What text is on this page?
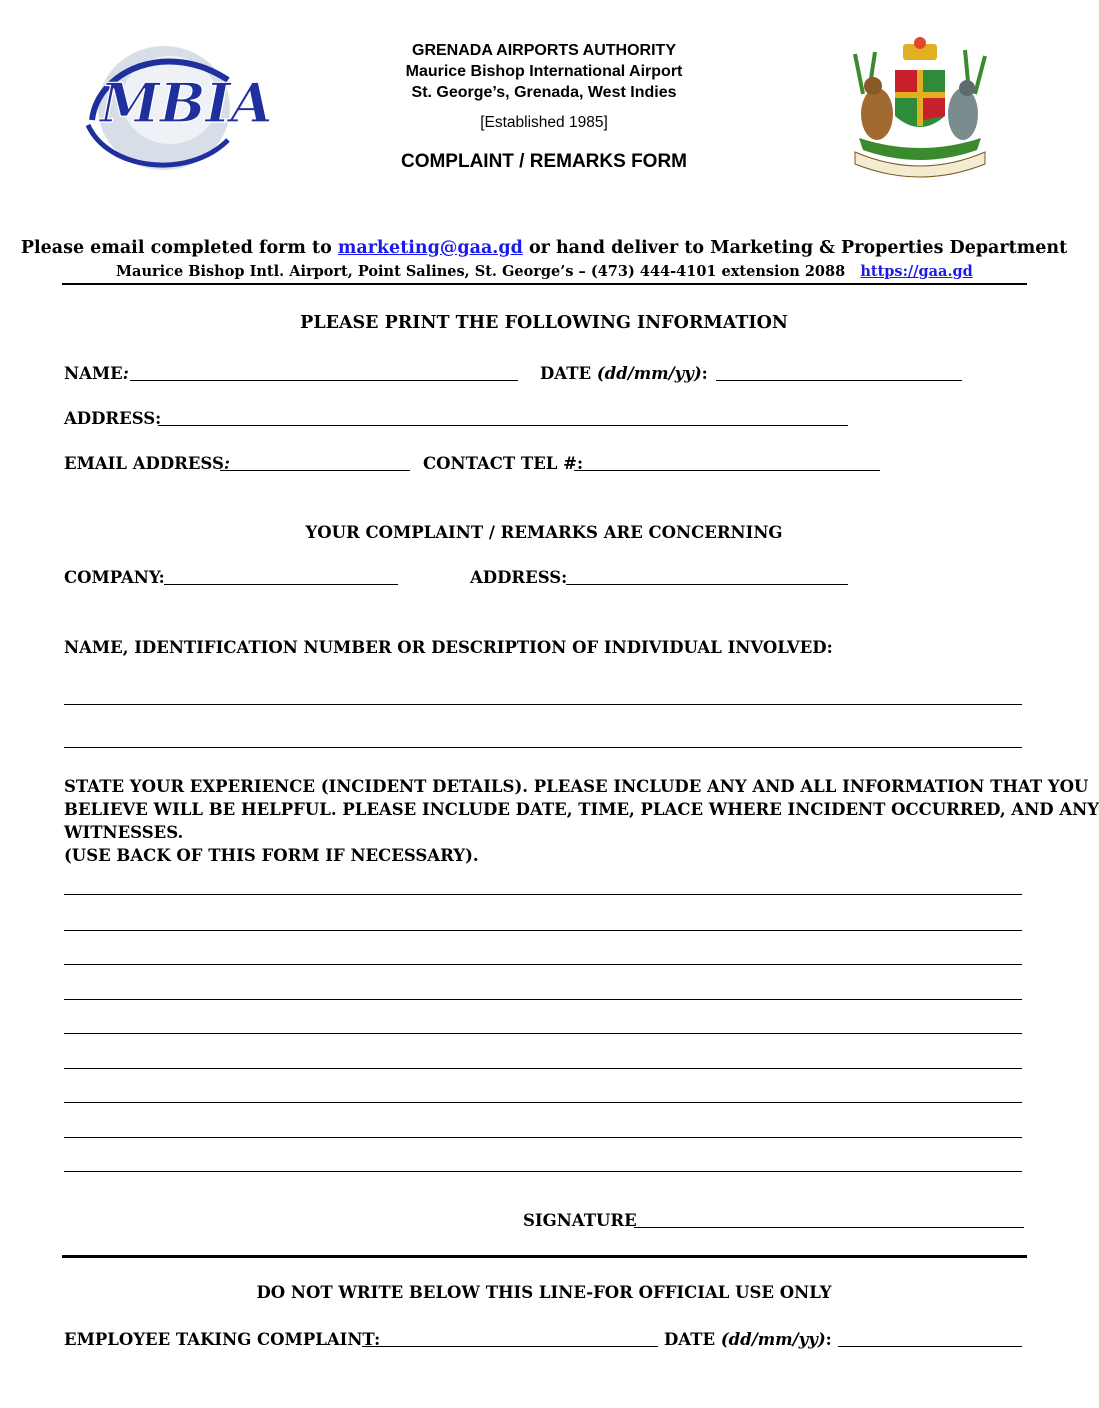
MBIA
GRENADA AIRPORTS AUTHORITY
Maurice Bishop International Airport
St. George’s, Grenada, West Indies
[Established 1985]
COMPLAINT / REMARKS FORM
Please email completed form to marketing@gaa.gd or hand deliver to Marketing & Properties Department
Maurice Bishop Intl. Airport, Point Salines, St. George’s – (473) 444-4101 extension 2088 https://gaa.gd
PLEASE PRINT THE FOLLOWING INFORMATION
NAME:	DATE (dd/mm/yy):
ADDRESS:
EMAIL ADDRESS:	CONTACT TEL #:
YOUR COMPLAINT / REMARKS ARE CONCERNING
COMPANY:	ADDRESS:
NAME, IDENTIFICATION NUMBER OR DESCRIPTION OF INDIVIDUAL INVOLVED:
STATE YOUR EXPERIENCE (INCIDENT DETAILS). PLEASE INCLUDE ANY AND ALL INFORMATION THAT YOU
BELIEVE WILL BE HELPFUL. PLEASE INCLUDE DATE, TIME, PLACE WHERE INCIDENT OCCURRED, AND ANY
WITNESSES.
(USE BACK OF THIS FORM IF NECESSARY).
SIGNATURE
DO NOT WRITE BELOW THIS LINE-FOR OFFICIAL USE ONLY
EMPLOYEE TAKING COMPLAINT:	DATE (dd/mm/yy):
